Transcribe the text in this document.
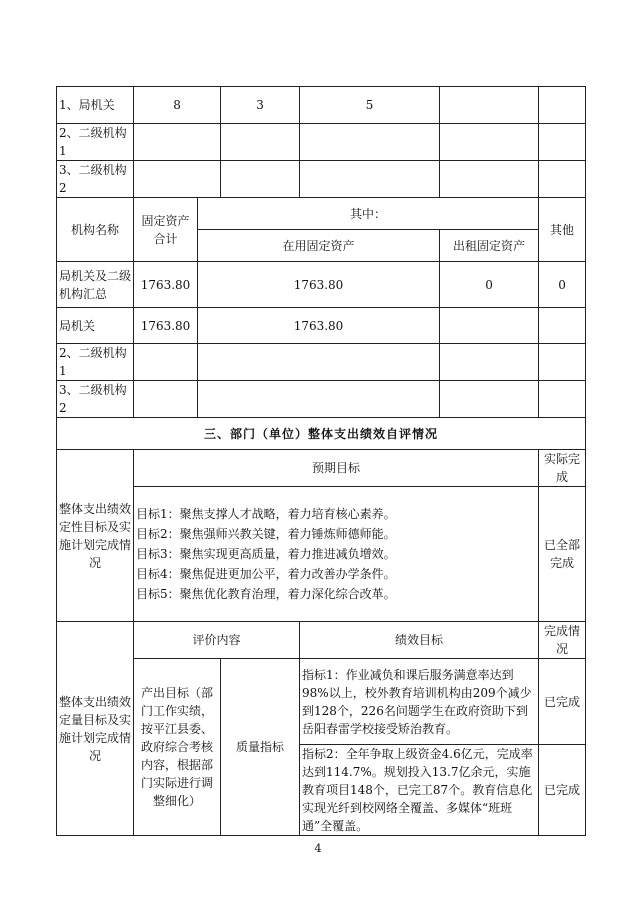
1、局机关	8		3	5		
2、二级机构 1						
3、二级机构 2						
机构名称	固定资产合计	其中：				其他
		在用固定资产			出租固定资产	
局机关及二级机构汇总	1763.80	1763.80			0	0
局机关	1763.80	1763.80				
2、二级机构 1						
3、二级机构 2						
三、部门（单位）整体支出绩效自评情况						
整体支出绩效定性目标及实施计划完成情况	预期目标					实际完成

	目标1：聚焦支撑人才战略，着力培育核心素养。
目标2：聚焦强师兴教关键，着力锤炼师德师能。
目标3：聚焦实现更高质量，着力推进减负增效。
目标4：聚焦促进更加公平，着力改善办学条件。
目标5：聚焦优化教育治理，着力深化综合改革。					已全部完成
整体支出绩效定量目标及实施计划完成情况	评价内容			绩效目标		完成情况
	产出目标（部门工作实绩，按平江县委、政府综合考核内容，根据部门实际进行调整细化）		质量指标	指标1：作业减负和课后服务满意率达到98%以上，校外教育培训机构由209个减少到128个，226名问题学生在政府资助下到岳阳春雷学校接受矫治教育。		已完成
				指标2：全年争取上级资金4.6亿元，完成率达到114.7%。规划投入13.7亿余元，实施教育项目148个，已完工87个。教育信息化实现光纤到校网络全覆盖、多媒体“班班通”全覆盖。		已完成
4
